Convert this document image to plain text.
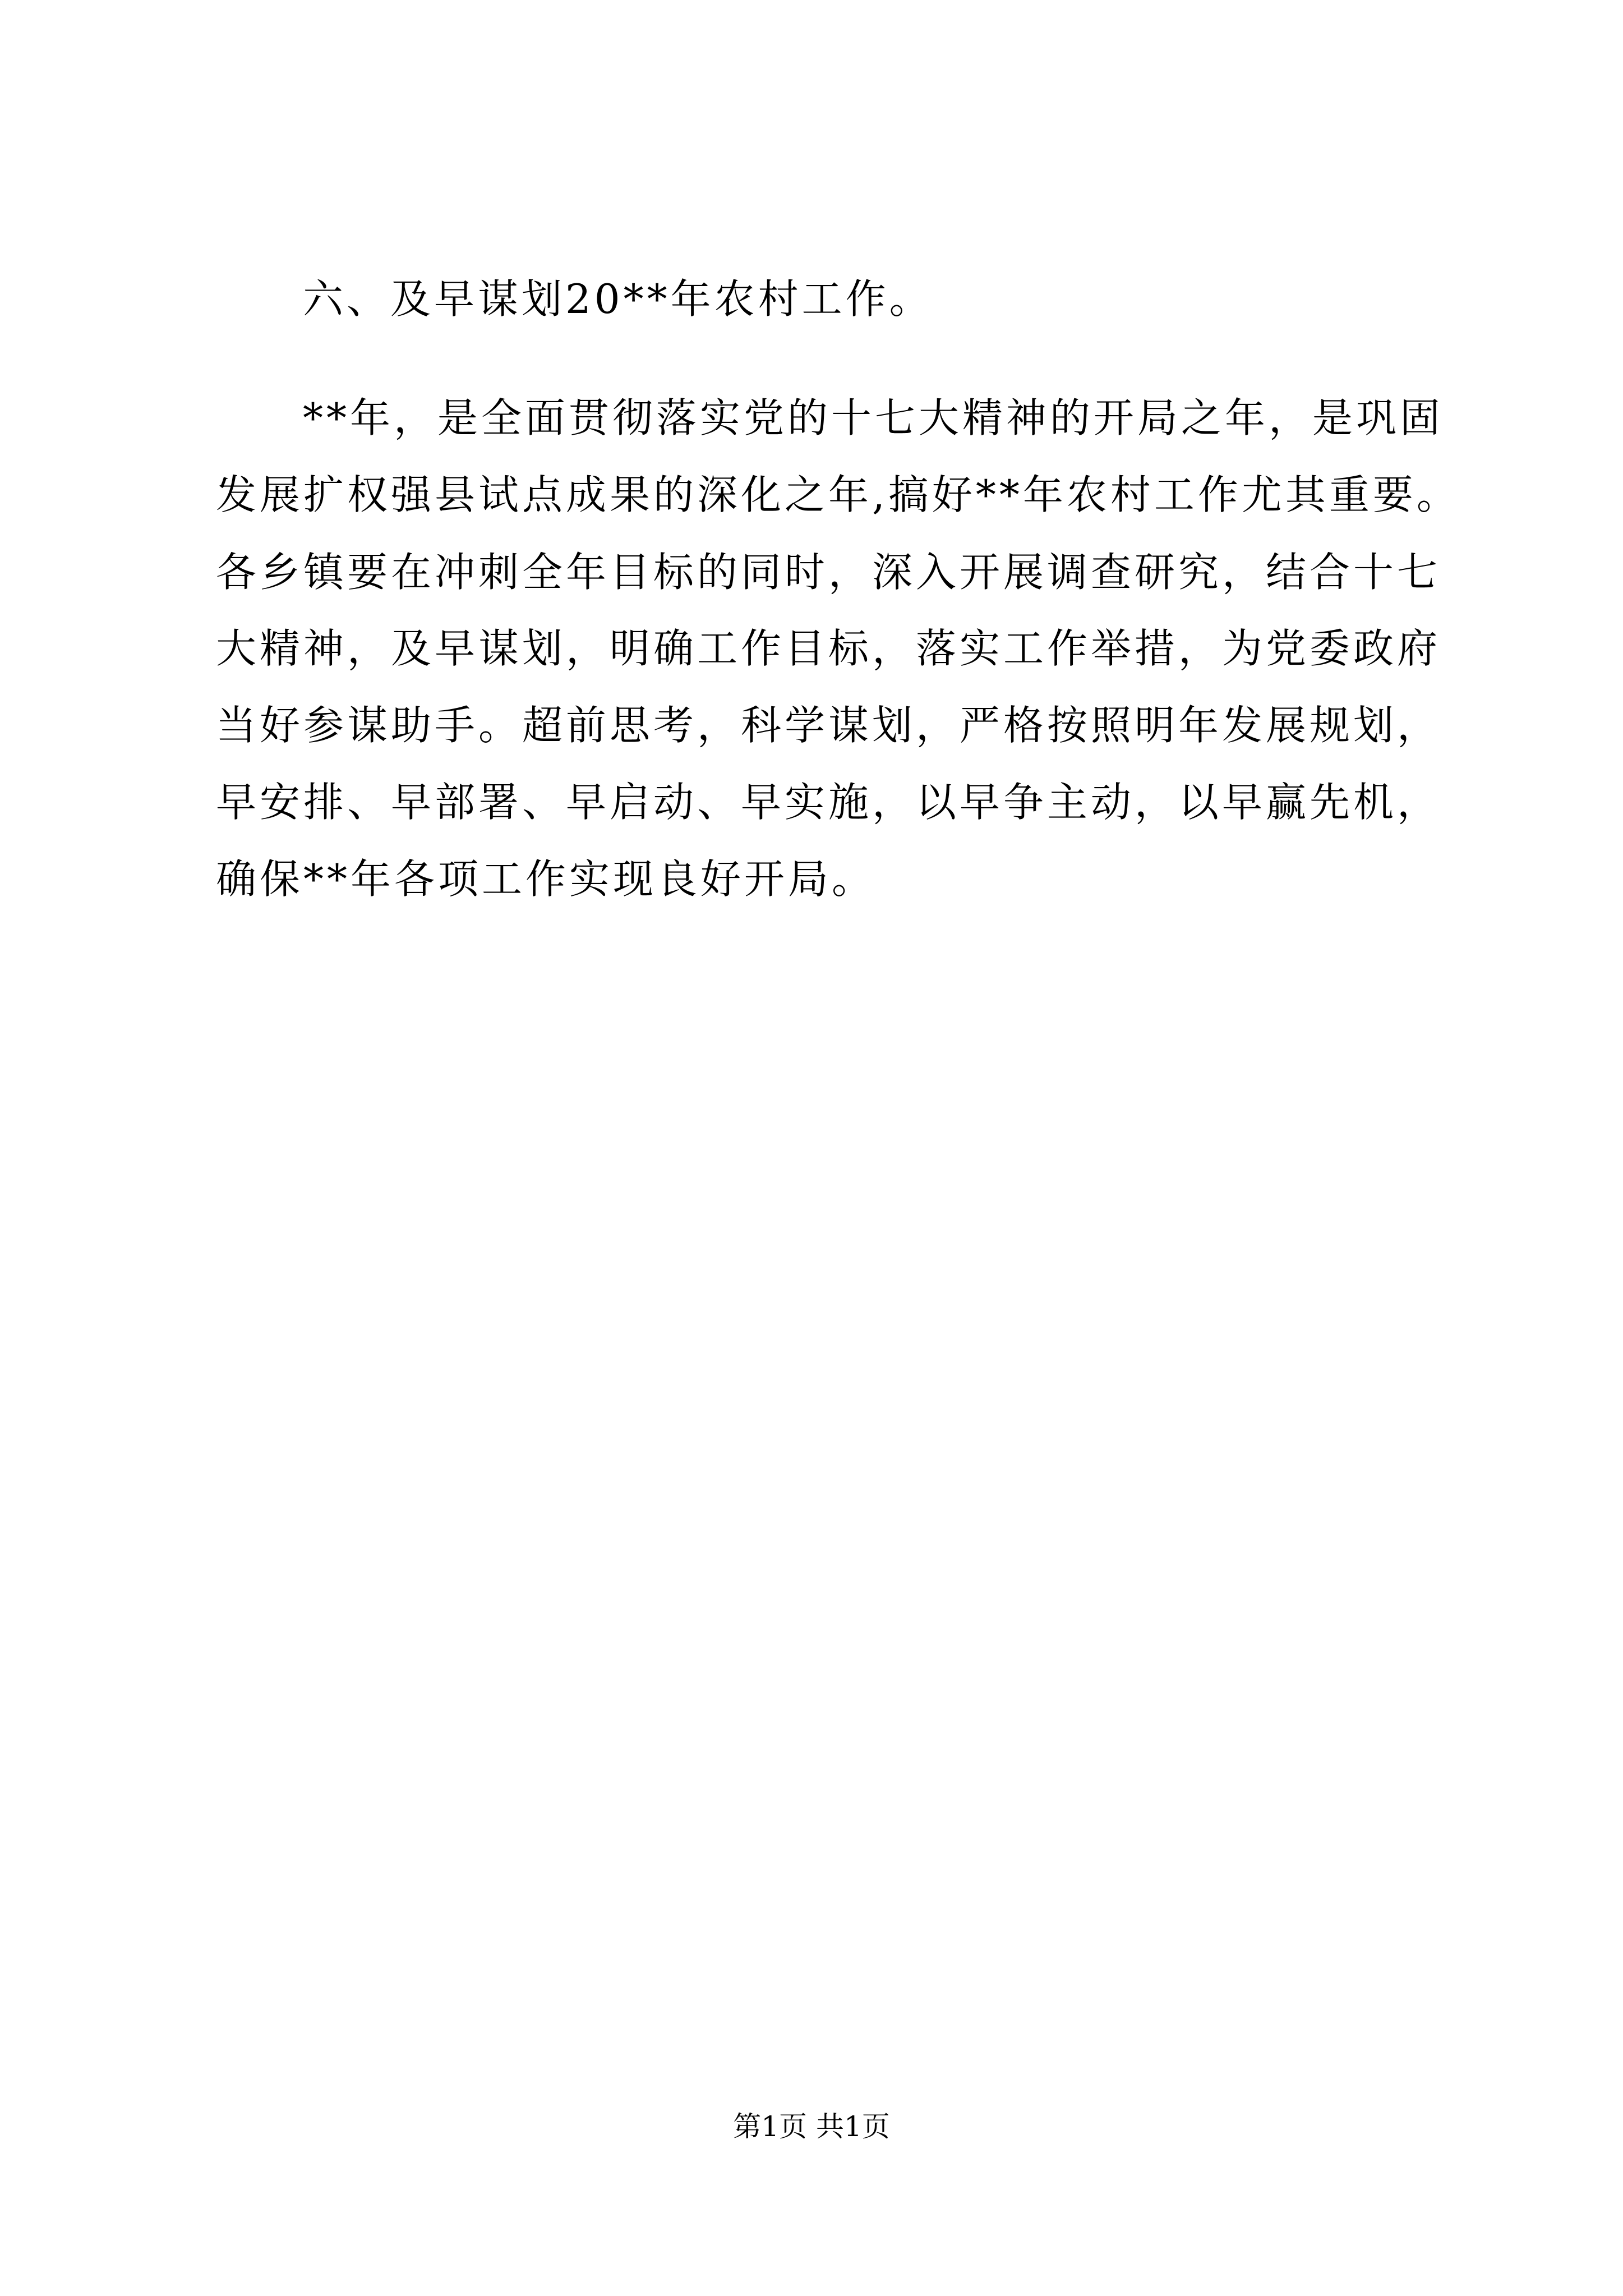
六、及早谋划20**年农村工作。

**年，是全面贯彻落实党的十七大精神的开局之年，是巩固

发展扩权强县试点成果的深化之年,搞好**年农村工作尤其重要。

各乡镇要在冲刺全年目标的同时，深入开展调查研究，结合十七

大精神，及早谋划，明确工作目标，落实工作举措，为党委政府

当好参谋助手。超前思考，科学谋划，严格按照明年发展规划，

早安排、早部署、早启动、早实施，以早争主动，以早赢先机，

确保**年各项工作实现良好开局。

第1页 共1页
